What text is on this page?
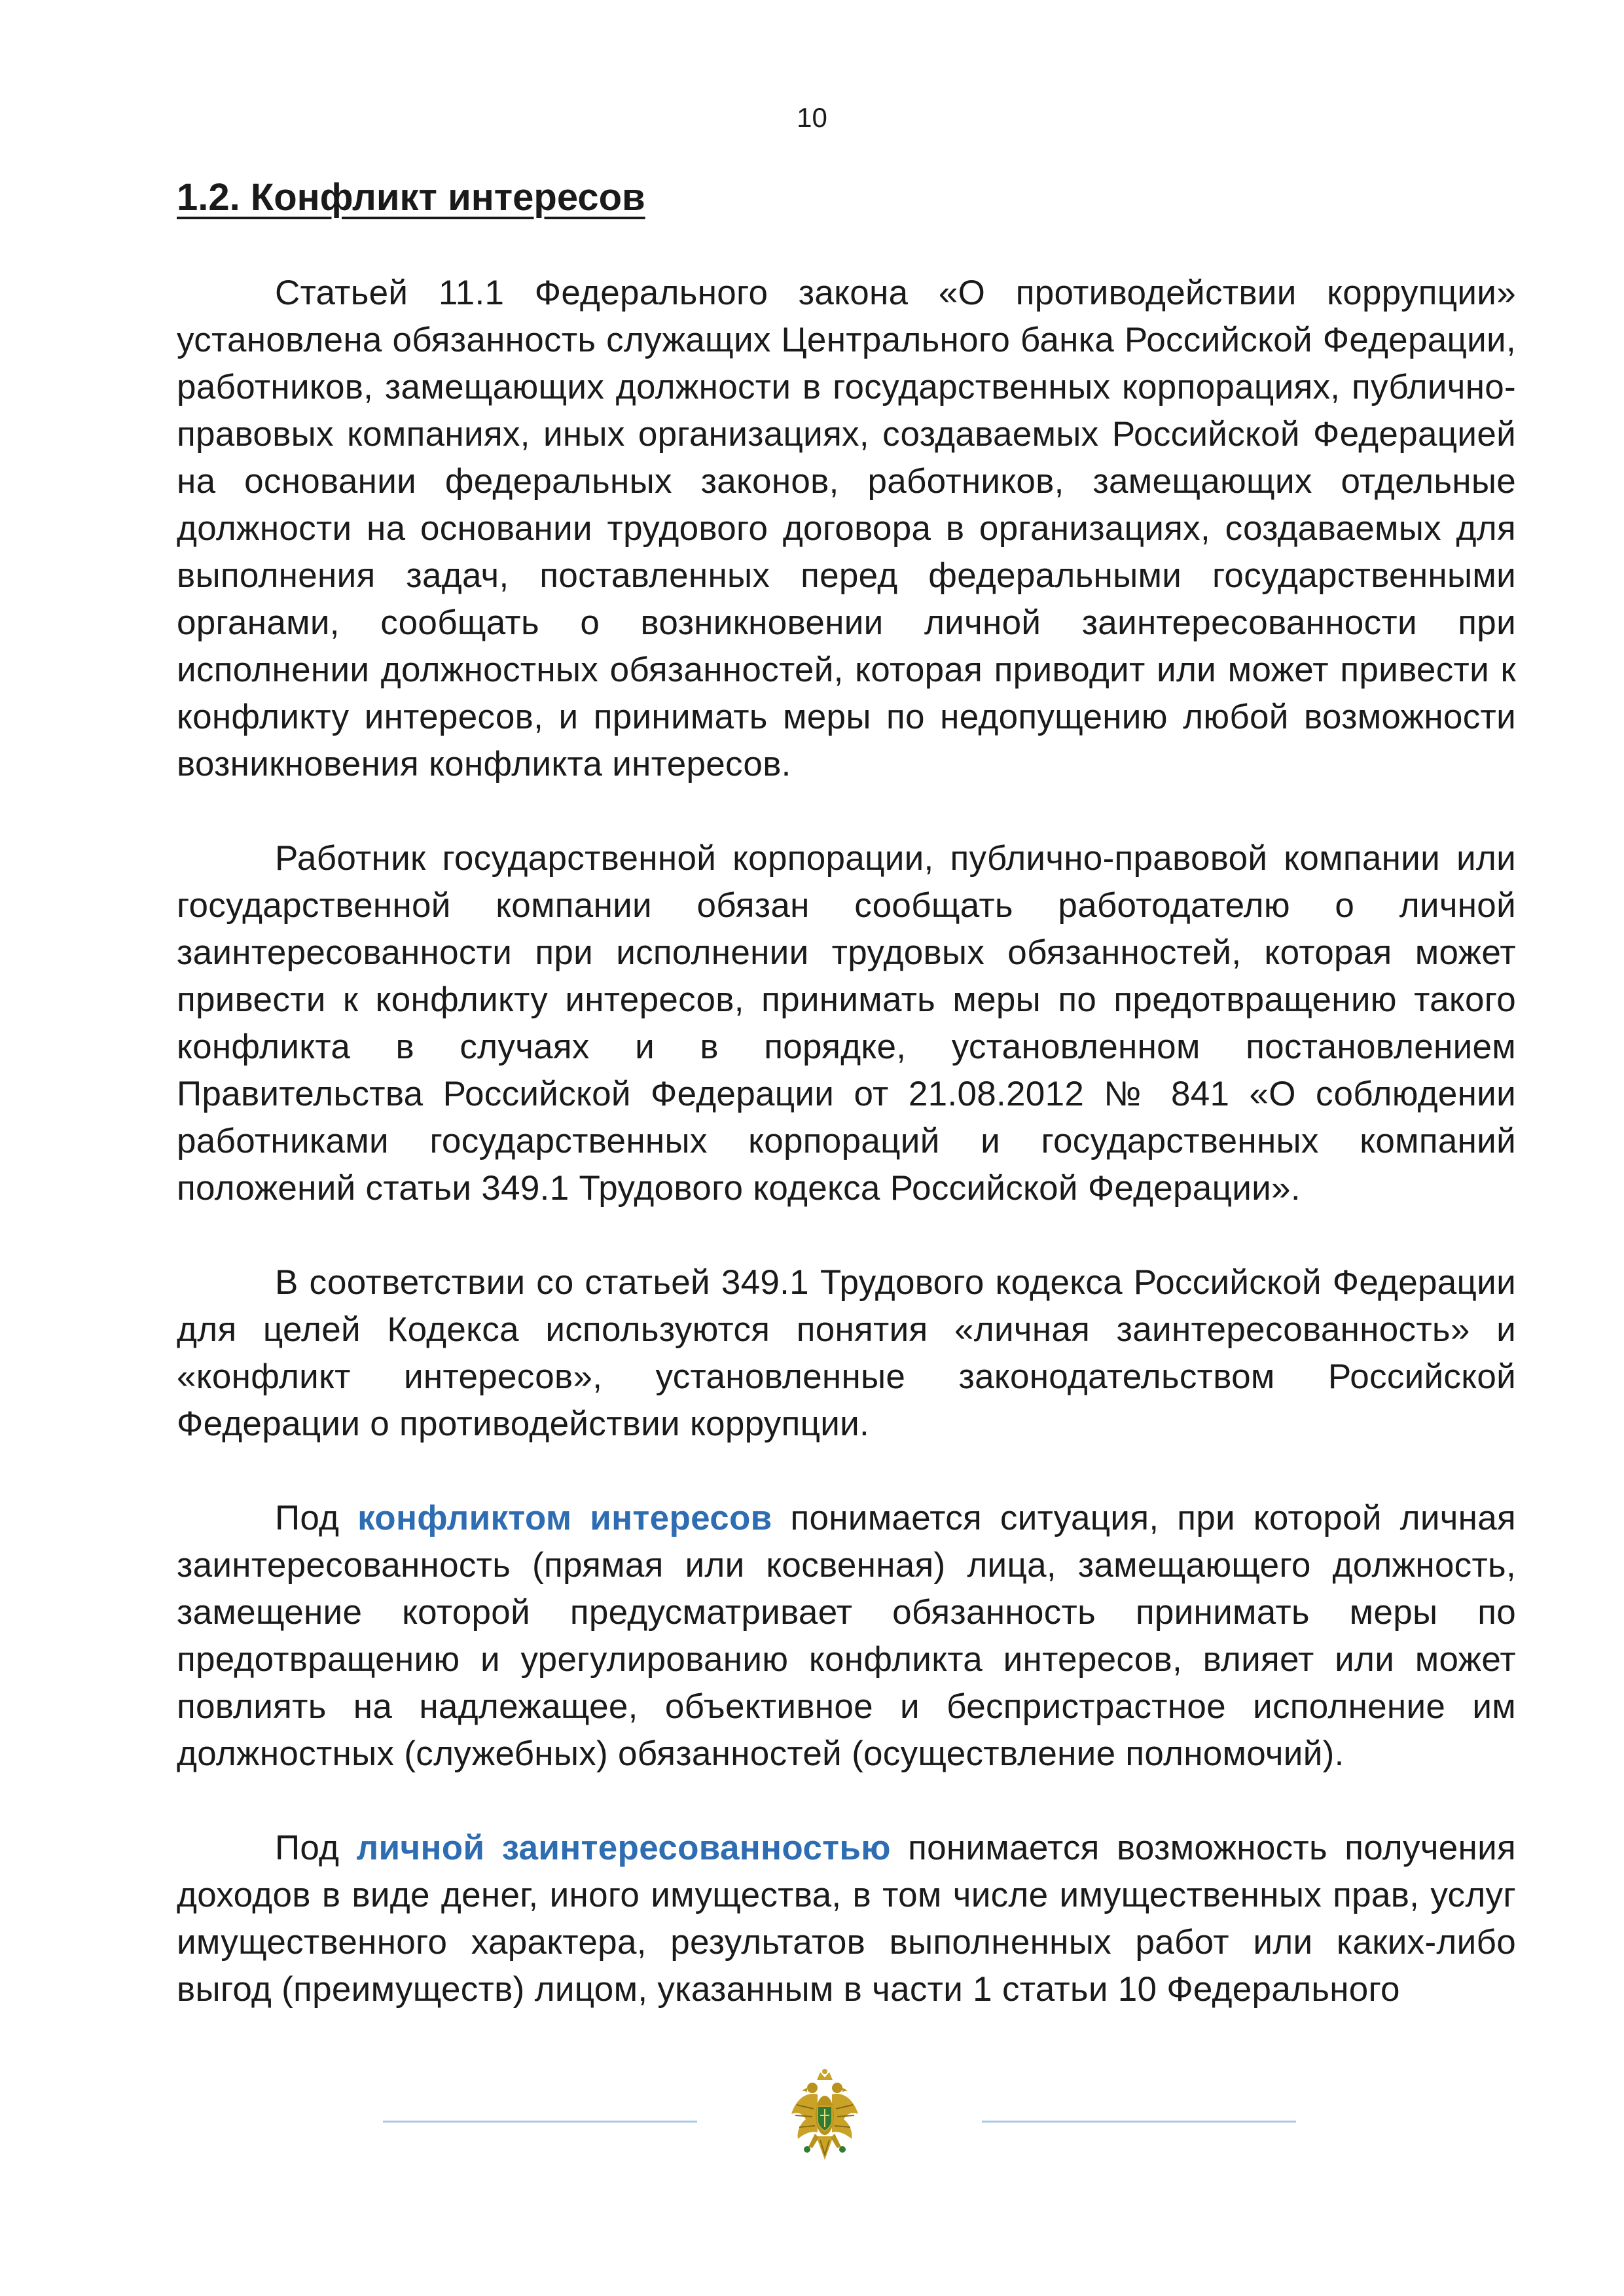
10
1.2. Конфликт интересов

Статьей 11.1 Федерального закона «О противодействии коррупции» установлена обязанность служащих Центрального банка Российской Федерации, работников, замещающих должности в государственных корпорациях, публично-правовых компаниях, иных организациях, создаваемых Российской Федерацией на основании федеральных законов, работников, замещающих отдельные должности на основании трудового договора в организациях, создаваемых для выполнения задач, поставленных перед федеральными государственными органами, сообщать о возникновении личной заинтересованности при исполнении должностных обязанностей, которая приводит или может привести к конфликту интересов, и принимать меры по недопущению любой возможности возникновения конфликта интересов.

Работник государственной корпорации, публично-правовой компании или государственной компании обязан сообщать работодателю о личной заинтересованности при исполнении трудовых обязанностей, которая может привести к конфликту интересов, принимать меры по предотвращению такого конфликта в случаях и в порядке, установленном постановлением Правительства Российской Федерации от 21.08.2012 № 841 «О соблюдении работниками государственных корпораций и государственных компаний положений статьи 349.1 Трудового кодекса Российской Федерации».

В соответствии со статьей 349.1 Трудового кодекса Российской Федерации для целей Кодекса используются понятия «личная заинтересованность» и «конфликт интересов», установленные законодательством Российской Федерации о противодействии коррупции.

Под конфликтом интересов понимается ситуация, при которой личная заинтересованность (прямая или косвенная) лица, замещающего должность, замещение которой предусматривает обязанность принимать меры по предотвращению и урегулированию конфликта интересов, влияет или может повлиять на надлежащее, объективное и беспристрастное исполнение им должностных (служебных) обязанностей (осуществление полномочий).

Под личной заинтересованностью понимается возможность получения доходов в виде денег, иного имущества, в том числе имущественных прав, услуг имущественного характера, результатов выполненных работ или каких-либо выгод (преимуществ) лицом, указанным в части 1 статьи 10 Федерального
